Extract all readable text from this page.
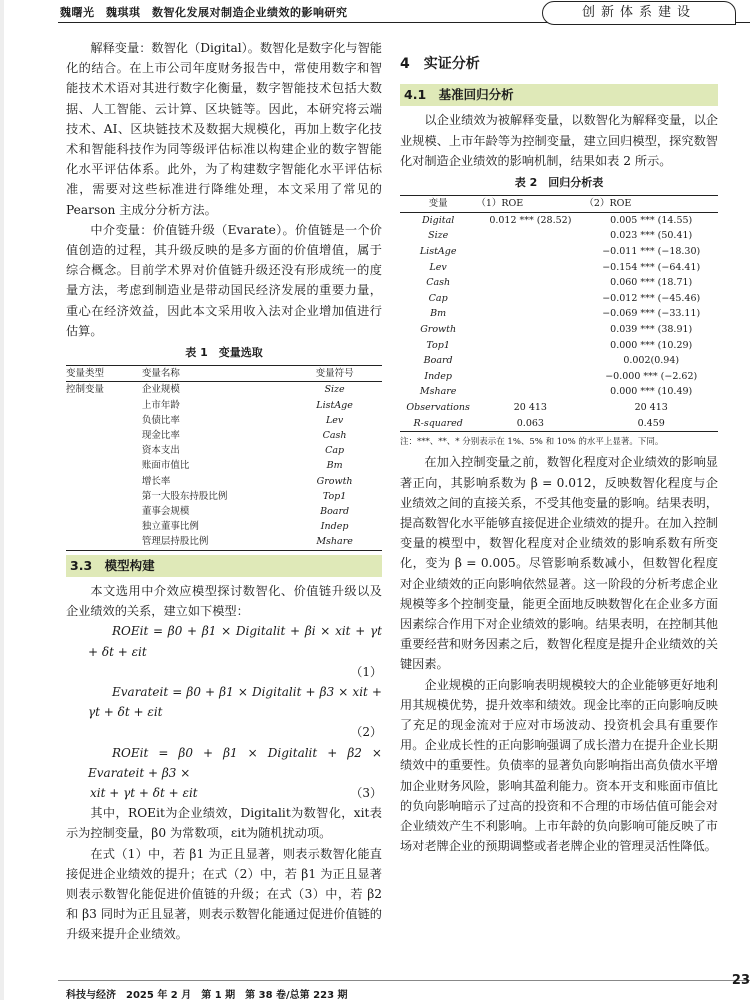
魏曙光　魏琪琪　数智化发展对制造企业绩效的影响研究	创新体系建设

解释变量：数智化（Digital）。数智化是数字化与智能化的结合。在上市公司年度财务报告中，常使用数字和智能技术术语对其进行数字化衡量，数字智能技术包括大数据、人工智能、云计算、区块链等。因此，本研究将云端技术、AI、区块链技术及数据大规模化，再加上数字化技术和智能科技作为同等级评估标准以构建企业的数字智能化水平评估体系。此外，为了构建数字智能化水平评估标准，需要对这些标准进行降维处理，本文采用了常见的 Pearson 主成分分析方法。

中介变量：价值链升级（Evarate）。价值链是一个价值创造的过程，其升级反映的是多方面的价值增值，属于综合概念。目前学术界对价值链升级还没有形成统一的度量方法，考虑到制造业是带动国民经济发展的重要力量，重心在经济效益，因此本文采用收入法对企业增加值进行估算。

表 1　变量选取
变量类型	变量名称	变量符号
控制变量	企业规模	Size
	上市年龄	ListAge
	负债比率	Lev
	现金比率	Cash
	资本支出	Cap
	账面市值比	Bm
	增长率	Growth
	第一大股东持股比例	Top1
	董事会规模	Board
	独立董事比例	Indep
	管理层持股比例	Mshare
3.3　模型构建

本文选用中介效应模型探讨数智化、价值链升级以及企业绩效的关系，建立如下模型：

ROEit = β0 + β1 × Digitalit + βi × xit + γt + δt + εit

（1）

Evarateit = β0 + β1 × Digitalit + β3 × xit + γt + δt + εit

（2）

ROEit = β0 + β1 × Digitalit + β2 × Evarateit + β3 ×

xit + γt + δt + εit	（3）

其中，ROEit为企业绩效，Digitalit为数智化，xit表示为控制变量，β0 为常数项，εit为随机扰动项。

在式（1）中，若 β1 为正且显著，则表示数智化能直接促进企业绩效的提升；在式（2）中，若 β1 为正且显著则表示数智化能促进价值链的升级；在式（3）中，若 β2 和 β3 同时为正且显著，则表示数智化能通过促进价值链的升级来提升企业绩效。

4　实证分析
4.1　基准回归分析

以企业绩效为被解释变量，以数智化为解释变量，以企业规模、上市年龄等为控制变量，建立回归模型，探究数智化对制造企业绩效的影响机制，结果如表 2 所示。

表 2　回归分析表
变量	（1）ROE	（2）ROE
Digital	0.012 *** (28.52)	0.005 *** (14.55)
Size		0.023 *** (50.41)
ListAge		−0.011 *** (−18.30)
Lev		−0.154 *** (−64.41)
Cash		0.060 *** (18.71)
Cap		−0.012 *** (−45.46)
Bm		−0.069 *** (−33.11)
Growth		0.039 *** (38.91)
Top1		0.000 *** (10.29)
Board		0.002(0.94)
Indep		−0.000 *** (−2.62)
Mshare		0.000 *** (10.49)
Observations	20 413	20 413
R-squared	0.063	0.459

注：***、**、* 分别表示在 1%、5% 和 10% 的水平上显著。下同。

在加入控制变量之前，数智化程度对企业绩效的影响显著正向，其影响系数为 β = 0.012，反映数智化程度与企业绩效之间的直接关系，不受其他变量的影响。结果表明，提高数智化水平能够直接促进企业绩效的提升。在加入控制变量的模型中，数智化程度对企业绩效的影响系数有所变化，变为 β = 0.005。尽管影响系数减小，但数智化程度对企业绩效的正向影响依然显著。这一阶段的分析考虑企业规模等多个控制变量，能更全面地反映数智化在企业多方面因素综合作用下对企业绩效的影响。结果表明，在控制其他重要经营和财务因素之后，数智化程度是提升企业绩效的关键因素。

企业规模的正向影响表明规模较大的企业能够更好地利用其规模优势，提升效率和绩效。现金比率的正向影响反映了充足的现金流对于应对市场波动、投资机会具有重要作用。企业成长性的正向影响强调了成长潜力在提升企业长期绩效中的重要性。负债率的显著负向影响指出高负债水平增加企业财务风险，影响其盈利能力。资本开支和账面市值比的负向影响暗示了过高的投资和不合理的市场估值可能会对企业绩效产生不利影响。上市年龄的负向影响可能反映了市场对老牌企业的预期调整或者老牌企业的管理灵活性降低。

科技与经济　2025 年 2 月　第 1 期　第 38 卷/总第 223 期
23
